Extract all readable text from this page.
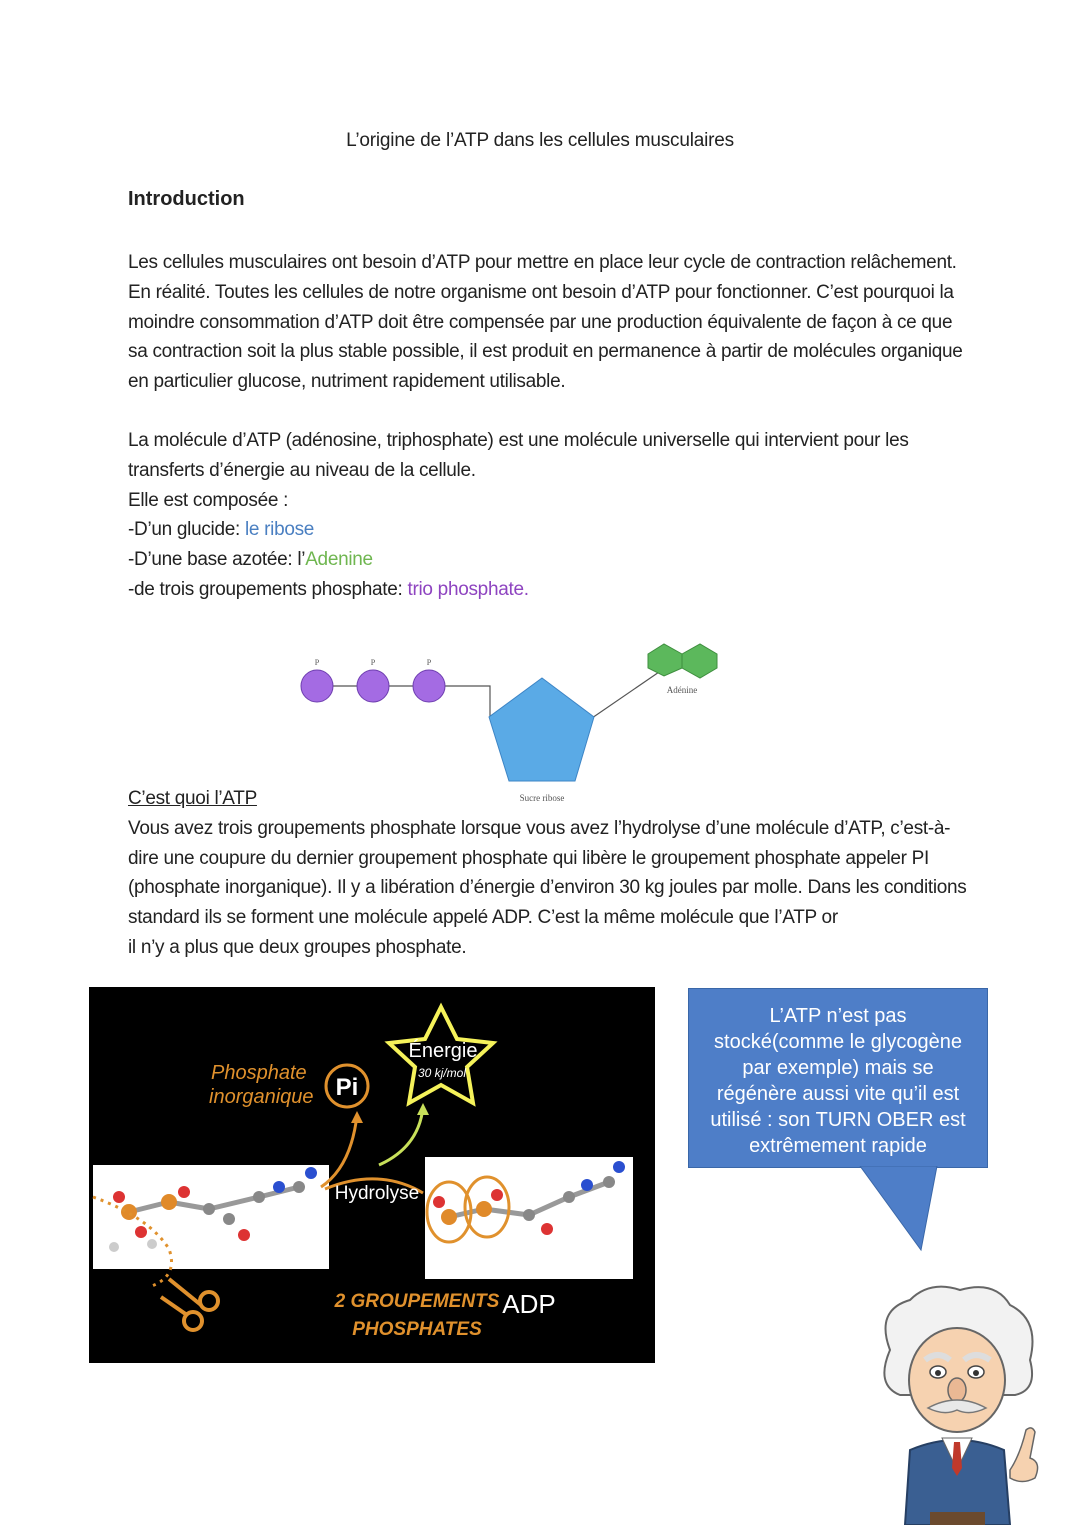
L’origine de l’ATP dans les cellules musculaires
Introduction

Les cellules musculaires ont besoin d’ATP pour mettre en place leur cycle de contraction relâchement. En réalité. Toutes les cellules de notre organisme ont besoin d’ATP pour fonctionner. C’est pourquoi la moindre consommation d’ATP doit être compensée par une production équivalente de façon à ce que sa contraction soit la plus stable possible, il est produit en permanence à partir de molécules organique en particulier glucose, nutriment rapidement utilisable.

La molécule d’ATP (adénosine, triphosphate) est une molécule universelle qui intervient pour les transferts d’énergie au niveau de la cellule.

Elle est composée :

-D’un glucide: le ribose

-D’une base azotée: l’Adenine

-de trois groupements phosphate: trio phosphate.

P	P	P
Adénine
Sucre ribose

C’est quoi l’ATP

Vous avez trois groupements phosphate lorsque vous avez l’hydrolyse d’une molécule d’ATP, c’est-à-dire une coupure du dernier groupement phosphate qui libère le groupement phosphate appeler PI (phosphate inorganique). Il y a libération d’énergie d’environ 30 kg joules par molle. Dans les conditions standard ils se forment une molécule appelé ADP. C’est la même molécule que l’ATP or

il n’y a plus que deux groupes phosphate.

Phosphate
inorganique Pi
Énergie
30 kj/mol
Hydrolyse
2 GROUPEMENTS
PHOSPHATES
ADP
L’ATP n’est pas stocké(comme le glycogène par exemple) mais se régénère aussi vite qu’il est utilisé : son TURN OBER est extrêmement rapide
